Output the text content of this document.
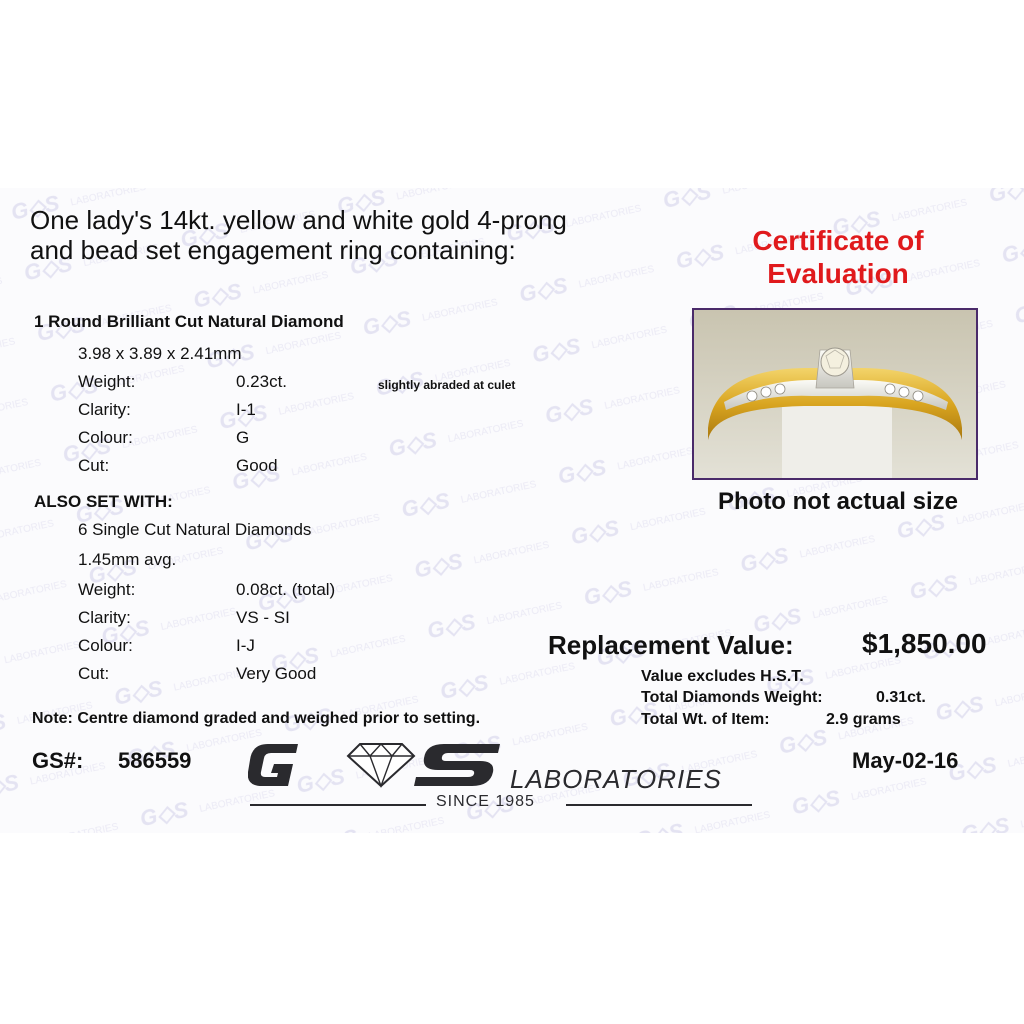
One lady's 14kt. yellow and white gold 4-prong
and bead set engagement ring containing:
1 Round Brilliant Cut Natural Diamond
3.98 x 3.89 x 2.41mm
Weight:	0.23ct.	slightly abraded at culet
Clarity:	I-1
Colour:	G
Cut:	Good
ALSO SET WITH:
6 Single Cut Natural Diamonds
1.45mm avg.
Weight:	0.08ct. (total)
Clarity:	VS - SI
Colour:	I-J
Cut:	Very Good
Note: Centre diamond graded and weighed prior to setting.
Certificate of
Evaluation
Photo not actual size
Replacement Value: $1,850.00
Value excludes H.S.T.
Total Diamonds Weight:	0.31ct.
Total Wt. of Item:	2.9 grams
GS#: 586559	May-02-16
LABORATORIES
SINCE 1985
